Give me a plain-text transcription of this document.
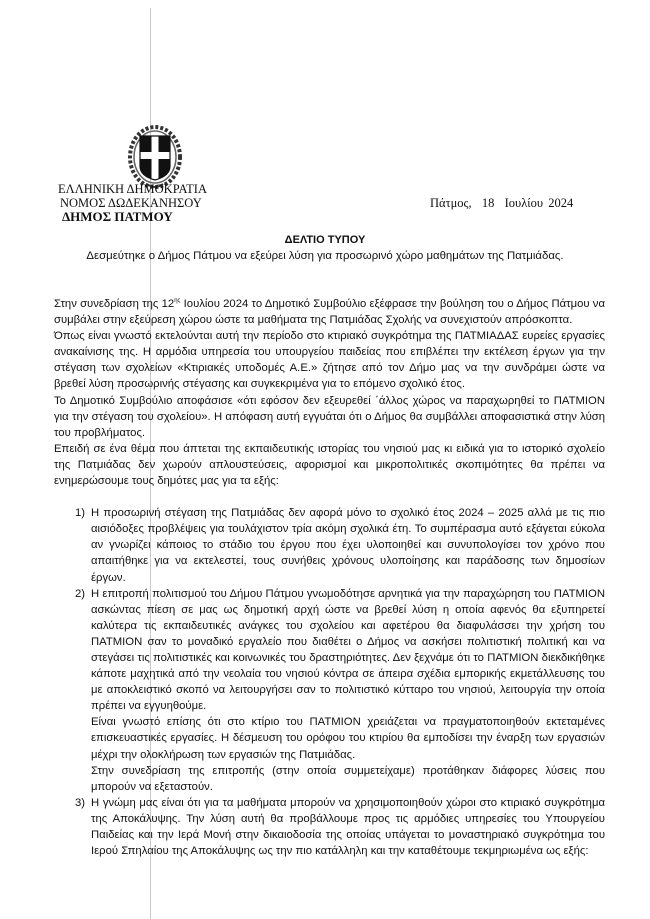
ΕΛΛΗΝΙΚΗ ΔΗΜΟΚΡΑΤΙΑ
ΝΟΜΟΣ ΔΩΔΕΚΑΝΗΣΟΥ
ΔΗΜΟΣ ΠΑΤΜΟΥ
Πάτμος,  18  Ιουλίου 2024
ΔΕΛΤΙΟ ΤΥΠΟΥ
Δεσμεύτηκε ο Δήμος Πάτμου να εξεύρει λύση για προσωρινό χώρο μαθημάτων της Πατμιάδας.

Στην συνεδρίαση της $12^{\eta\varsigma}$ Ιουλίου 2024 το Δημοτικό Συμβούλιο εξέφρασε την βούληση του ο Δήμος Πάτμου να συμβάλει στην εξεύρεση χώρου ώστε τα μαθήματα της Πατμιάδας Σχολής να συνεχιστούν απρόσκοπτα.

Όπως είναι γνωστό εκτελούνται αυτή την περίοδο στο κτιριακό συγκρότημα της ΠΑΤΜΙΑΔΑΣ ευρείες εργασίες ανακαίνισης της. Η αρμόδια υπηρεσία του υπουργείου παιδείας που επιβλέπει την εκτέλεση έργων για την στέγαση των σχολείων «Κτιριακές υποδομές Α.Ε.» ζήτησε από τον Δήμο μας να την συνδράμει ώστε να βρεθεί λύση προσωρινής στέγασης και συγκεκριμένα για το επόμενο σχολικό έτος.

Το Δημοτικό Συμβούλιο αποφάσισε «ότι εφόσον δεν εξευρεθεί ΄άλλος χώρος να παραχωρηθεί το ΠΑΤΜΙΟΝ για την στέγαση του σχολείου». Η απόφαση αυτή εγγυάται ότι ο Δήμος θα συμβάλλει αποφασιστικά στην λύση του προβλήματος.

Επειδή σε ένα θέμα που άπτεται της εκπαιδευτικής ιστορίας του νησιού μας κι ειδικά για το ιστορικό σχολείο της Πατμιάδας δεν χωρούν απλουστεύσεις, αφορισμοί και μικροπολιτικές σκοπιμότητες θα πρέπει να ενημερώσουμε τους δημότες μας για τα εξής:

1) Η προσωρινή στέγαση της Πατμιάδας δεν αφορά μόνο το σχολικό έτος 2024 – 2025 αλλά με τις πιο αισιόδοξες προβλέψεις για τουλάχιστον τρία ακόμη σχολικά έτη. Το συμπέρασμα αυτό εξάγεται εύκολα αν γνωρίζει κάποιος το στάδιο του έργου που έχει υλοποιηθεί και συνυπολογίσει τον χρόνο που απαιτήθηκε για να εκτελεστεί, τους συνήθεις χρόνους υλοποίησης και παράδοσης των δημοσίων έργων.

2) Η επιτροπή πολιτισμού του Δήμου Πάτμου γνωμοδότησε αρνητικά για την παραχώρηση του ΠΑΤΜΙΟΝ ασκώντας πίεση σε μας ως δημοτική αρχή ώστε να βρεθεί λύση η οποία αφενός θα εξυπηρετεί καλύτερα τις εκπαιδευτικές ανάγκες του σχολείου και αφετέρου θα διαφυλάσσει την χρήση του ΠΑΤΜΙΟΝ σαν το μοναδικό εργαλείο που διαθέτει ο Δήμος να ασκήσει πολιτιστική πολιτική και να στεγάσει τις πολιτιστικές και κοινωνικές του δραστηριότητες. Δεν ξεχνάμε ότι το ΠΑΤΜΙΟΝ διεκδικήθηκε κάποτε μαχητικά από την νεολαία του νησιού κόντρα σε άπειρα σχέδια εμπορικής εκμετάλλευσης του με αποκλειστικό σκοπό να λειτουργήσει σαν το πολιτιστικό κύτταρο του νησιού, λειτουργία την οποία πρέπει να εγγυηθούμε.

Είναι γνωστό επίσης ότι στο κτίριο του ΠΑΤΜΙΟΝ χρειάζεται να πραγματοποιηθούν εκτεταμένες επισκευαστικές εργασίες. Η δέσμευση του ορόφου του κτιρίου θα εμποδίσει την έναρξη των εργασιών μέχρι την ολοκλήρωση των εργασιών της Πατμιάδας.

Στην συνεδρίαση της επιτροπής (στην οποία συμμετείχαμε) προτάθηκαν διάφορες λύσεις που μπορούν να εξεταστούν.

3) Η γνώμη μας είναι ότι για τα μαθήματα μπορούν να χρησιμοποιηθούν χώροι στο κτιριακό συγκρότημα της Αποκάλυψης. Την λύση αυτή θα προβάλλουμε προς τις αρμόδιες υπηρεσίες του Υπουργείου Παιδείας και την Ιερά Μονή στην δικαιοδοσία της οποίας υπάγεται το μοναστηριακό συγκρότημα του Ιερού Σπηλαίου της Αποκάλυψης ως την πιο κατάλληλη και την καταθέτουμε τεκμηριωμένα ως εξής:
